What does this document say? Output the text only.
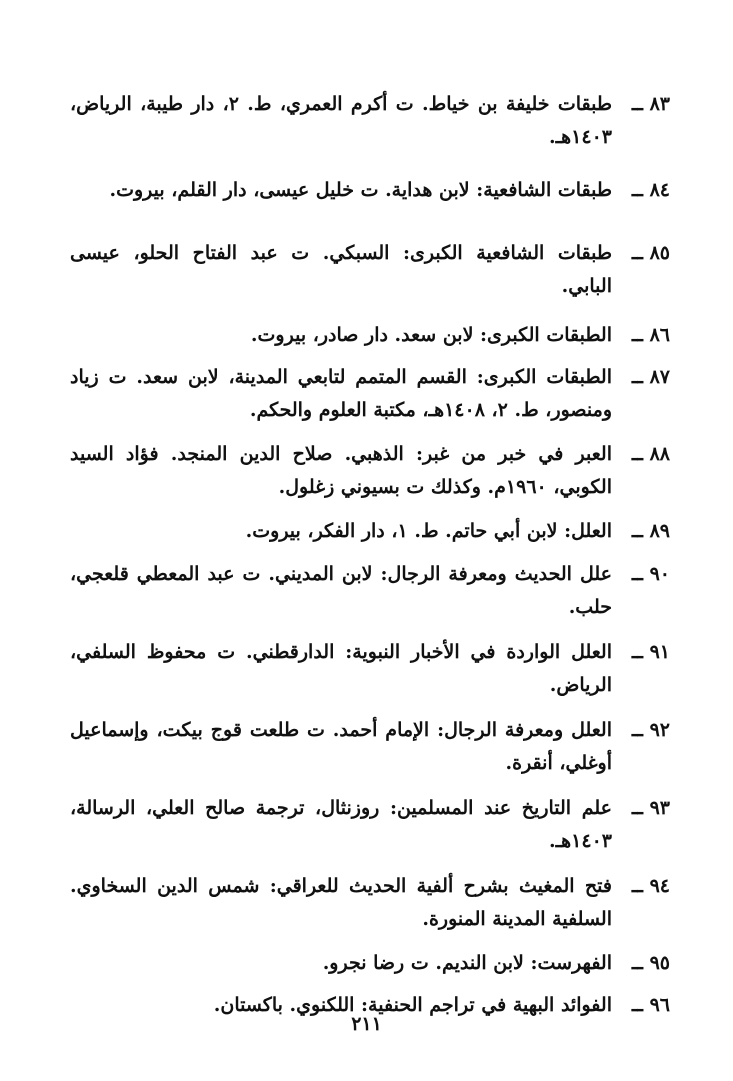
٨٣ ــ
طبقات خليفة بن خياط. ت أكرم العمري، ط. ٢، دار طيبة، الرياض، ١٤٠٣هـ.
٨٤ ــ
طبقات الشافعية: لابن هداية. ت خليل عيسى، دار القلم، بيروت.
٨٥ ــ
طبقات الشافعية الكبرى: السبكي. ت عبد الفتاح الحلو، عيسى البابي.
٨٦ ــ
الطبقات الكبرى: لابن سعد. دار صادر، بيروت.
٨٧ ــ
الطبقات الكبرى: القسم المتمم لتابعي المدينة، لابن سعد. ت زياد ومنصور، ط. ٢، ١٤٠٨هـ، مكتبة العلوم والحكم.
٨٨ ــ
العبر في خبر من غبر: الذهبي. صلاح الدين المنجد. فؤاد السيد الكوبي، ١٩٦٠م. وكذلك ت بسيوني زغلول.
٨٩ ــ
العلل: لابن أبي حاتم. ط. ١، دار الفكر، بيروت.
٩٠ ــ
علل الحديث ومعرفة الرجال: لابن المديني. ت عبد المعطي قلعجي، حلب.
٩١ ــ
العلل الواردة في الأخبار النبوية: الدارقطني. ت محفوظ السلفي، الرياض.
٩٢ ــ
العلل ومعرفة الرجال: الإمام أحمد. ت طلعت قوج بيكت، وإسماعيل أوغلي، أنقرة.
٩٣ ــ
علم التاريخ عند المسلمين: روزنثال، ترجمة صالح العلي، الرسالة، ١٤٠٣هـ.
٩٤ ــ
فتح المغيث بشرح ألفية الحديث للعراقي: شمس الدين السخاوي. السلفية المدينة المنورة.
٩٥ ــ
الفهرست: لابن النديم. ت رضا نجرو.
٩٦ ــ
الفوائد البهية في تراجم الحنفية: اللكنوي. باكستان.
٢١١
